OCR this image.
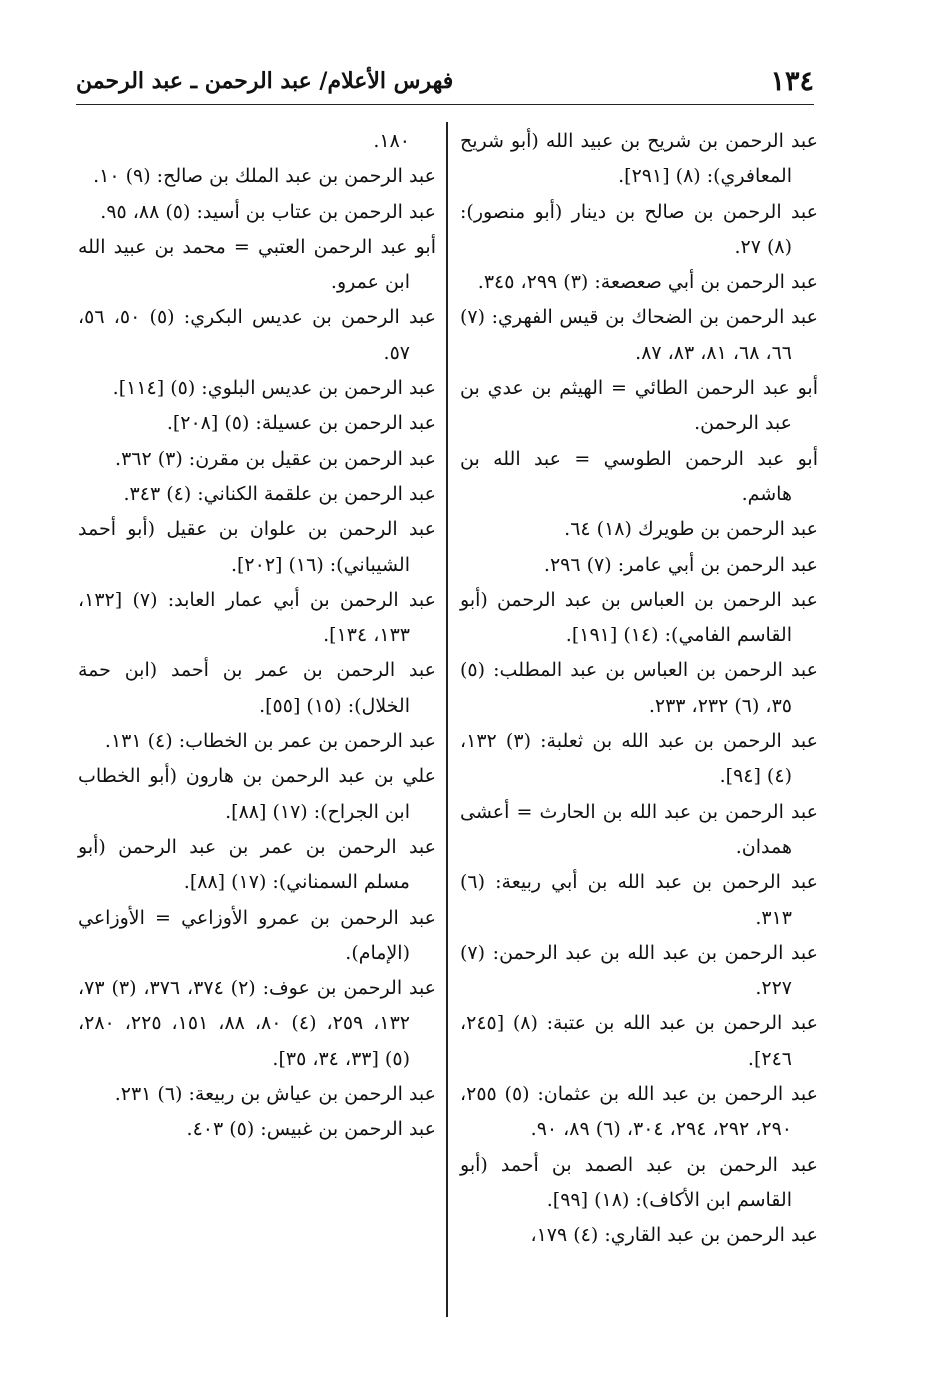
١٣٤
فهرس الأعلام/ عبد الرحمن ـ عبد الرحمن
عبد الرحمن بن شريح بن عبيد الله (أبو شريح المعافري): (٨) [٢٩١].
عبد الرحمن بن صالح بن دينار (أبو منصور): (٨) ٢٧.
عبد الرحمن بن أبي صعصعة: (٣) ٢٩٩، ٣٤٥.
عبد الرحمن بن الضحاك بن قيس الفهري: (٧) ٦٦، ٦٨، ٨١، ٨٣، ٨٧.
أبو عبد الرحمن الطائي = الهيثم بن عدي بن عبد الرحمن.
أبو عبد الرحمن الطوسي = عبد الله بن هاشم.
عبد الرحمن بن طويرك (١٨) ٦٤.
عبد الرحمن بن أبي عامر: (٧) ٢٩٦.
عبد الرحمن بن العباس بن عبد الرحمن (أبو القاسم الفامي): (١٤) [١٩١].
عبد الرحمن بن العباس بن عبد المطلب: (٥) ٣٥، (٦) ٢٣٢، ٢٣٣.
عبد الرحمن بن عبد الله بن ثعلبة: (٣) ١٣٢، (٤) [٩٤].
عبد الرحمن بن عبد الله بن الحارث = أعشى همدان.
عبد الرحمن بن عبد الله بن أبي ربيعة: (٦) ٣١٣.
عبد الرحمن بن عبد الله بن عبد الرحمن: (٧) ٢٢٧.
عبد الرحمن بن عبد الله بن عتبة: (٨) [٢٤٥، ٢٤٦].
عبد الرحمن بن عبد الله بن عثمان: (٥) ٢٥٥، ٢٩٠، ٢٩٢، ٢٩٤، ٣٠٤، (٦) ٨٩، ٩٠.
عبد الرحمن بن عبد الصمد بن أحمد (أبو القاسم ابن الأكاف): (١٨) [٩٩].
عبد الرحمن بن عبد القاري: (٤) ١٧٩،
١٨٠.
عبد الرحمن بن عبد الملك بن صالح: (٩) ١٠.
عبد الرحمن بن عتاب بن أسيد: (٥) ٨٨، ٩٥.
أبو عبد الرحمن العتبي = محمد بن عبيد الله ابن عمرو.
عبد الرحمن بن عديس البكري: (٥) ٥٠، ٥٦، ٥٧.
عبد الرحمن بن عديس البلوي: (٥) [١١٤].
عبد الرحمن بن عسيلة: (٥) [٢٠٨].
عبد الرحمن بن عقيل بن مقرن: (٣) ٣٦٢.
عبد الرحمن بن علقمة الكناني: (٤) ٣٤٣.
عبد الرحمن بن علوان بن عقيل (أبو أحمد الشيباني): (١٦) [٢٠٢].
عبد الرحمن بن أبي عمار العابد: (٧) [١٣٢، ١٣٣، ١٣٤].
عبد الرحمن بن عمر بن أحمد (ابن حمة الخلال): (١٥) [٥٥].
عبد الرحمن بن عمر بن الخطاب: (٤) ١٣١.
علي بن عبد الرحمن بن هارون (أبو الخطاب ابن الجراح): (١٧) [٨٨].
عبد الرحمن بن عمر بن عبد الرحمن (أبو مسلم السمناني): (١٧) [٨٨].
عبد الرحمن بن عمرو الأوزاعي = الأوزاعي (الإمام).
عبد الرحمن بن عوف: (٢) ٣٧٤، ٣٧٦، (٣) ٧٣، ١٣٢، ٢٥٩، (٤) ٨٠، ٨٨، ١٥١، ٢٢٥، ٢٨٠، (٥) [٣٣، ٣٤، ٣٥].
عبد الرحمن بن عياش بن ربيعة: (٦) ٢٣١.
عبد الرحمن بن غبيس: (٥) ٤٠٣.
